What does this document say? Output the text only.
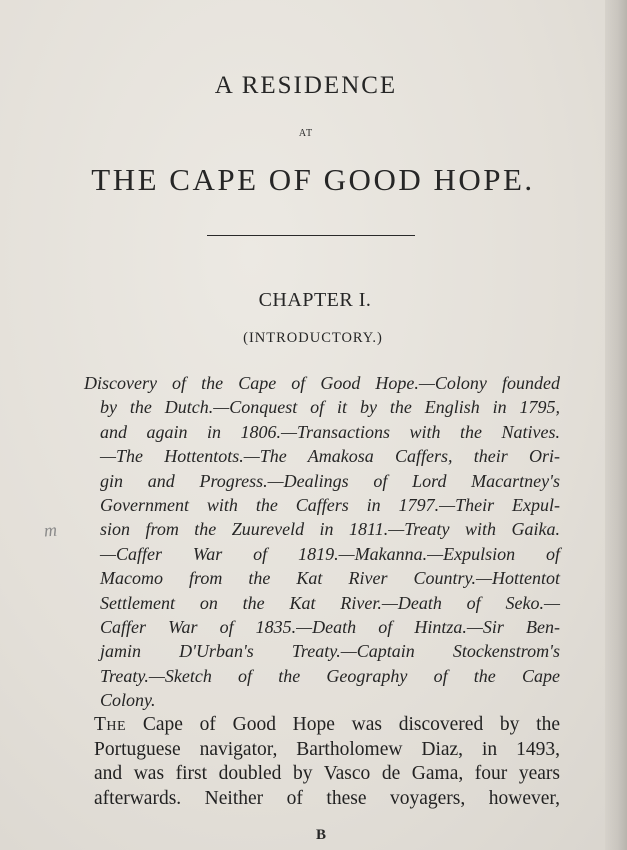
A RESIDENCE
AT
THE CAPE OF GOOD HOPE.
CHAPTER I.
(INTRODUCTORY.)
Discovery of the Cape of Good Hope.—Colony founded
by the Dutch.—Conquest of it by the English in 1795,
and again in 1806.—Transactions with the Natives.
—The Hottentots.—The Amakosa Caffers, their Ori-
gin and Progress.—Dealings of Lord Macartney's
Government with the Caffers in 1797.—Their Expul-
sion from the Zuureveld in 1811.—Treaty with Gaika.
—Caffer War of 1819.—Makanna.—Expulsion of
Macomo from the Kat River Country.—Hottentot
Settlement on the Kat River.—Death of Seko.—
Caffer War of 1835.—Death of Hintza.—Sir Ben-
jamin D'Urban's Treaty.—Captain Stockenstrom's
Treaty.—Sketch of the Geography of the Cape
Colony.
m
The Cape of Good Hope was discovered by the
Portuguese navigator, Bartholomew Diaz, in 1493,
and was first doubled by Vasco de Gama, four years
afterwards. Neither of these voyagers, however,
B
